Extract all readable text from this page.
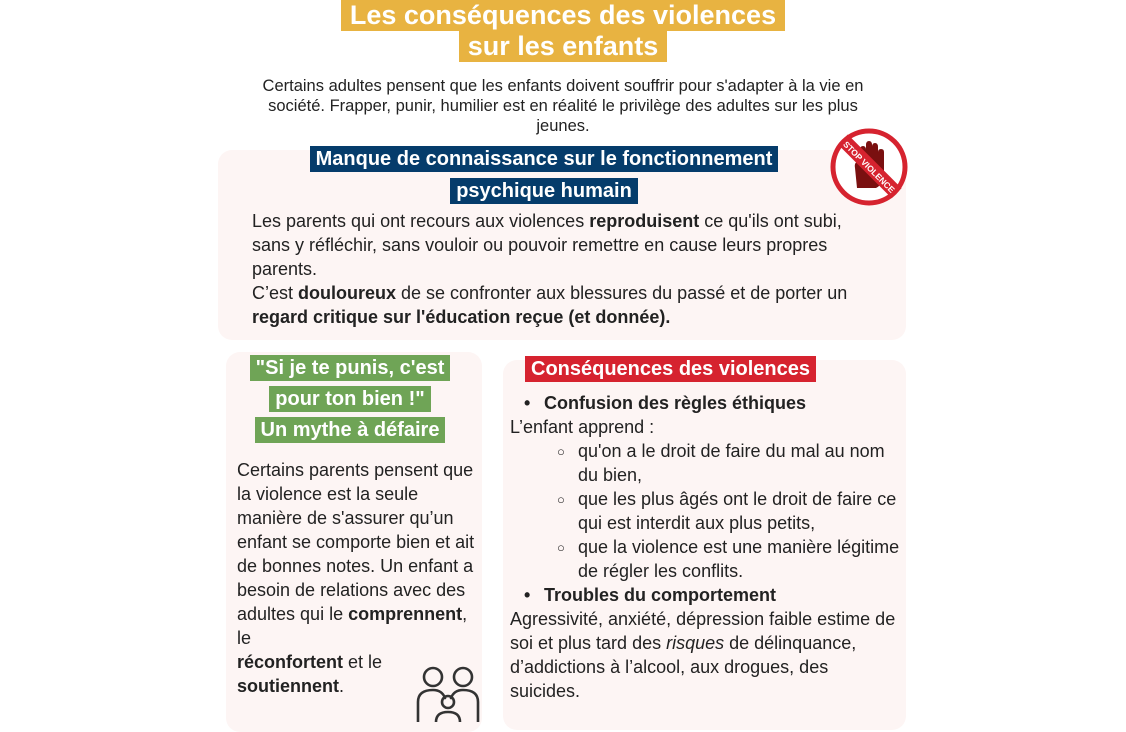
Les conséquences des violences
sur les enfants
Certains adultes pensent que les enfants doivent souffrir pour s'adapter à la vie en société. Frapper, punir, humilier est en réalité le privilège des adultes sur les plus jeunes.
Manque de connaissance sur le fonctionnement
psychique humain	STOP VIOLENCE
Les parents qui ont recours aux violences reproduisent ce qu'ils ont subi, sans y réfléchir, sans vouloir ou pouvoir remettre en cause leurs propres parents.
C’est douloureux de se confronter aux blessures du passé et de porter un regard critique sur l'éducation reçue (et donnée).
"Si je te punis, c'est
pour ton bien !"
Un mythe à défaire
Certains parents pensent que la violence est la seule manière de s'assurer qu’un enfant se comporte bien et ait de bonnes notes. Un enfant a besoin de relations avec des adultes qui le comprennent, le
réconfortent et le
soutiennent.
Conséquences des violences
• Confusion des règles éthiques
L’enfant apprend :
○ qu'on a le droit de faire du mal au nom du bien,
○ que les plus âgés ont le droit de faire ce qui est interdit aux plus petits,
○ que la violence est une manière légitime de régler les conflits.
• Troubles du comportement
Agressivité, anxiété, dépression faible estime de soi et plus tard des risques de délinquance, d’addictions à l’alcool, aux drogues, des suicides.
